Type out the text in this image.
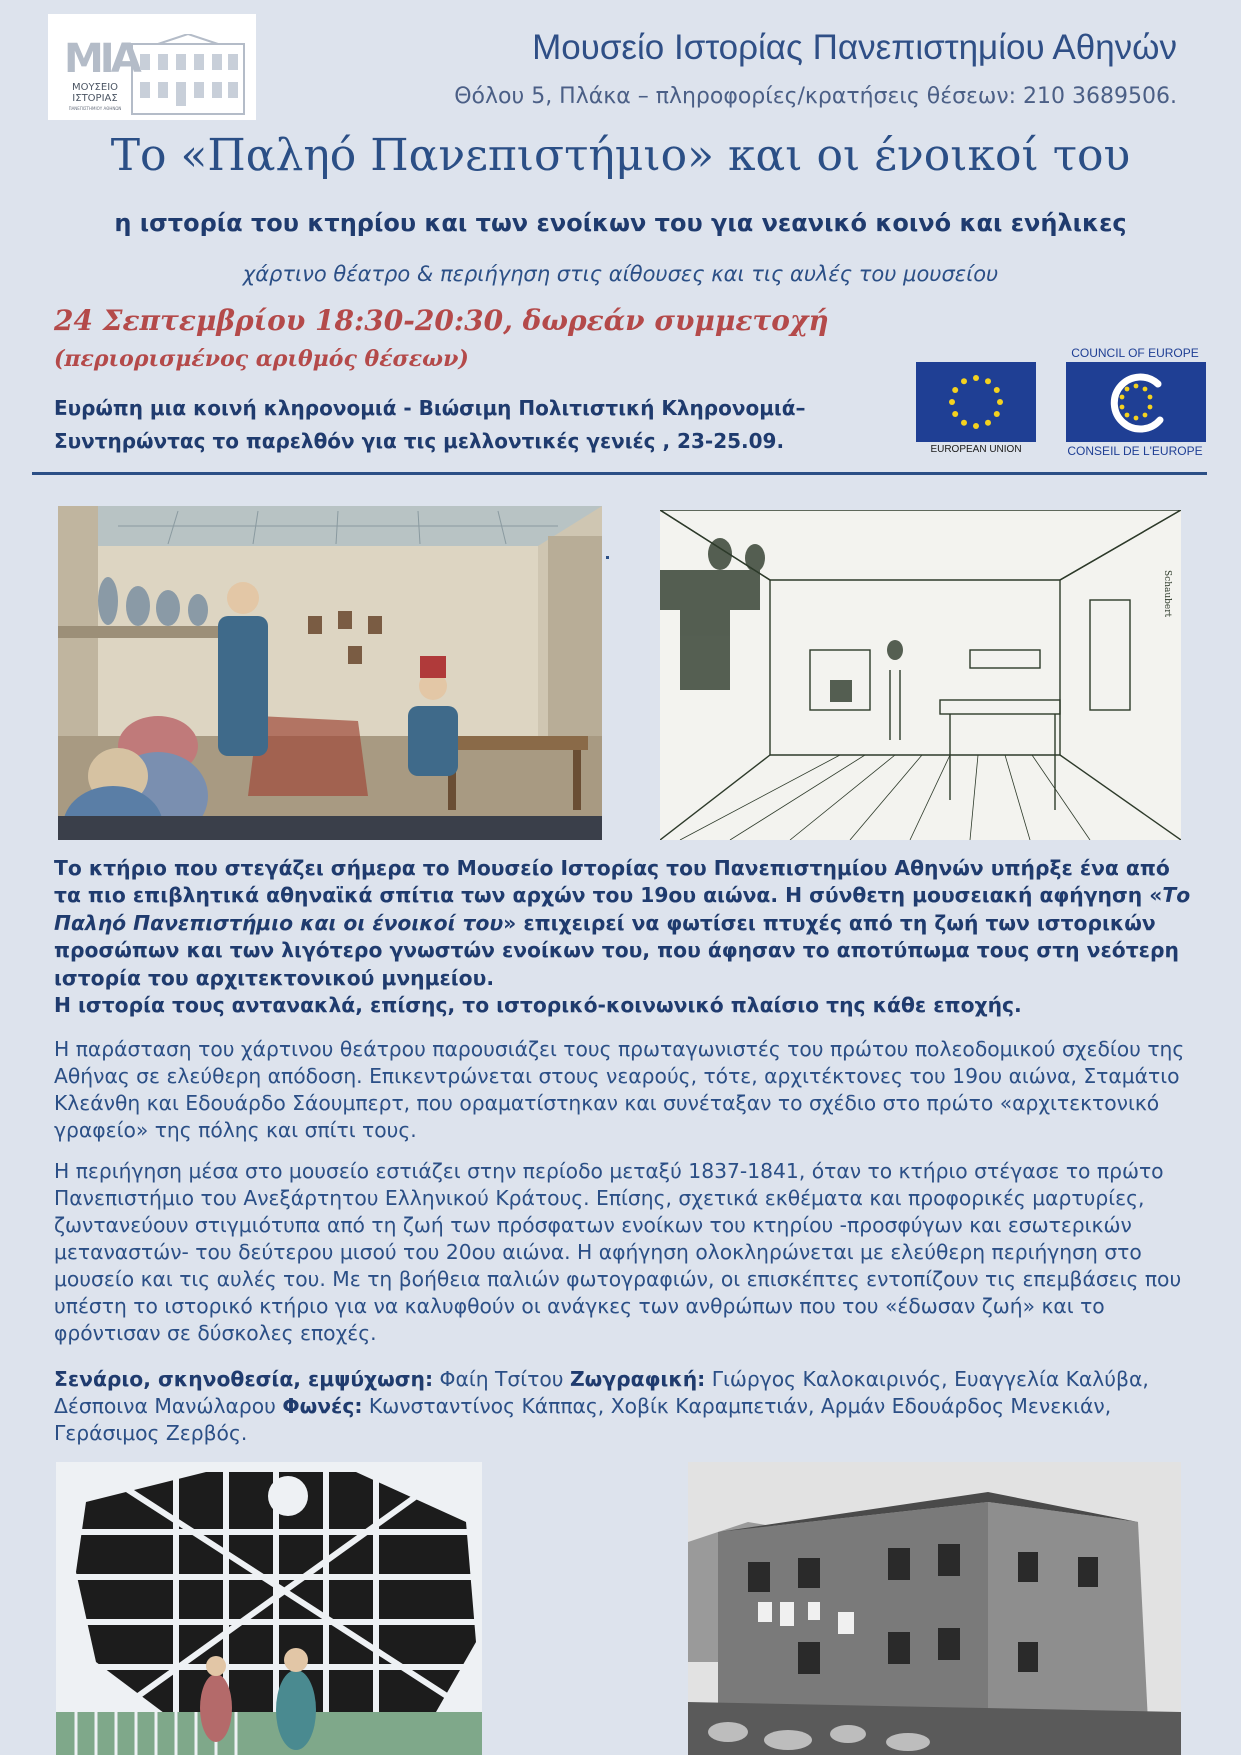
ΜΙΑ
ΜΟΥΣΕΙΟ
ΙΣΤΟΡΙΑΣ
ΠΑΝΕΠΙΣΤΗΜΙΟΥ ΑΘΗΝΩΝ
Μουσείο Ιστορίας Πανεπιστημίου Αθηνών
Θόλου 5, Πλάκα – πληροφορίες/κρατήσεις θέσεων: 210 3689506.
Το «Παληό Πανεπιστήμιο» και οι ένοικοί του
η ιστορία του κτηρίου και των ενοίκων του για νεανικό κοινό και ενήλικες
χάρτινο θέατρο & περιήγηση στις αίθουσες και τις αυλές του μουσείου
24 Σεπτεμβρίου 18:30-20:30, δωρεάν συμμετοχή
(περιορισμένος αριθμός θέσεων)
Ευρώπη μια κοινή κληρονομιά - Βιώσιμη Πολιτιστική Κληρονομιά–
Συντηρώντας το παρελθόν για τις μελλοντικές γενιές , 23-25.09.	EUROPEAN UNION
COUNCIL OF EUROPE
CONSEIL DE L'EUROPE
Schaubert
Το κτήριο που στεγάζει σήμερα το Μουσείο Ιστορίας του Πανεπιστημίου Αθηνών υπήρξε ένα από τα πιο επιβλητικά αθηναϊκά σπίτια των αρχών του 19ου αιώνα. Η σύνθετη μουσειακή αφήγηση «Το Παληό Πανεπιστήμιο και οι ένοικοί του» επιχειρεί να φωτίσει πτυχές από τη ζωή των ιστορικών προσώπων και των λιγότερο γνωστών ενοίκων του, που άφησαν το αποτύπωμα τους στη νεότερη ιστορία του αρχιτεκτονικού μνημείου.
Η ιστορία τους αντανακλά, επίσης, το ιστορικό-κοινωνικό πλαίσιο της κάθε εποχής.
Η παράσταση του χάρτινου θεάτρου παρουσιάζει τους πρωταγωνιστές του πρώτου πολεοδομικού σχεδίου της Αθήνας σε ελεύθερη απόδοση. Επικεντρώνεται στους νεαρούς, τότε, αρχιτέκτονες του 19ου αιώνα, Σταμάτιο Κλεάνθη και Εδουάρδο Σάουμπερτ, που οραματίστηκαν και συνέταξαν το σχέδιο στο πρώτο «αρχιτεκτονικό γραφείο» της πόλης και σπίτι τους.
Η περιήγηση μέσα στο μουσείο εστιάζει στην περίοδο μεταξύ 1837-1841, όταν το κτήριο στέγασε το πρώτο Πανεπιστήμιο του Ανεξάρτητου Ελληνικού Κράτους. Επίσης, σχετικά εκθέματα και προφορικές μαρτυρίες, ζωντανεύουν στιγμιότυπα από τη ζωή των πρόσφατων ενοίκων του κτηρίου -προσφύγων και εσωτερικών μεταναστών- του δεύτερου μισού του 20ου αιώνα. Η αφήγηση ολοκληρώνεται με ελεύθερη περιήγηση στο μουσείο και τις αυλές του. Με τη βοήθεια παλιών φωτογραφιών, οι επισκέπτες εντοπίζουν τις επεμβάσεις που υπέστη το ιστορικό κτήριο για να καλυφθούν οι ανάγκες των ανθρώπων που του «έδωσαν ζωή» και το φρόντισαν σε δύσκολες εποχές.
Σενάριο, σκηνοθεσία, εμψύχωση: Φαίη Τσίτου Ζωγραφική: Γιώργος Καλοκαιρινός, Ευαγγελία Καλύβα, Δέσποινα Μανώλαρου Φωνές: Κωνσταντίνος Κάππας, Χοβίκ Καραμπετιάν, Αρμάν Εδουάρδος Μενεκιάν, Γεράσιμος Ζερβός.
